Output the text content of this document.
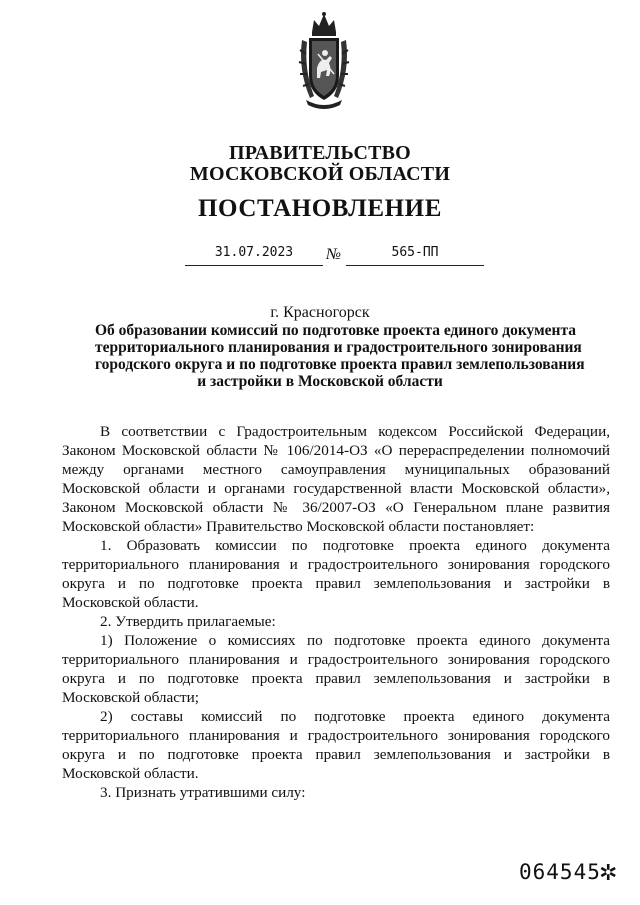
ПРАВИТЕЛЬСТВО
МОСКОВСКОЙ ОБЛАСТИ
ПОСТАНОВЛЕНИЕ
31.07.2023	№	565-ПП
г. Красногорск
Об образовании комиссий по подготовке проекта единого документа
территориального планирования и градостроительного зонирования
городского округа и по подготовке проекта правил землепользования
и застройки в Московской области

В соответствии с Градостроительным кодексом Российской Федерации, Законом Московской области № 106/2014-ОЗ «О перераспределении полномочий между органами местного самоуправления муниципальных образований Московской области и органами государственной власти Московской области», Законом Московской области № 36/2007-ОЗ «О Генеральном плане развития Московской области» Правительство Московской области постановляет:

1. Образовать комиссии по подготовке проекта единого документа территориального планирования и градостроительного зонирования городского округа и по подготовке проекта правил землепользования и застройки в Московской области.

2. Утвердить прилагаемые:

1) Положение о комиссиях по подготовке проекта единого документа территориального планирования и градостроительного зонирования городского округа и по подготовке проекта правил землепользования и застройки в Московской области;

2) составы комиссий по подготовке проекта единого документа территориального планирования и градостроительного зонирования городского округа и по подготовке проекта правил землепользования и застройки в Московской области.

3. Признать утратившими силу:

064545
✲
